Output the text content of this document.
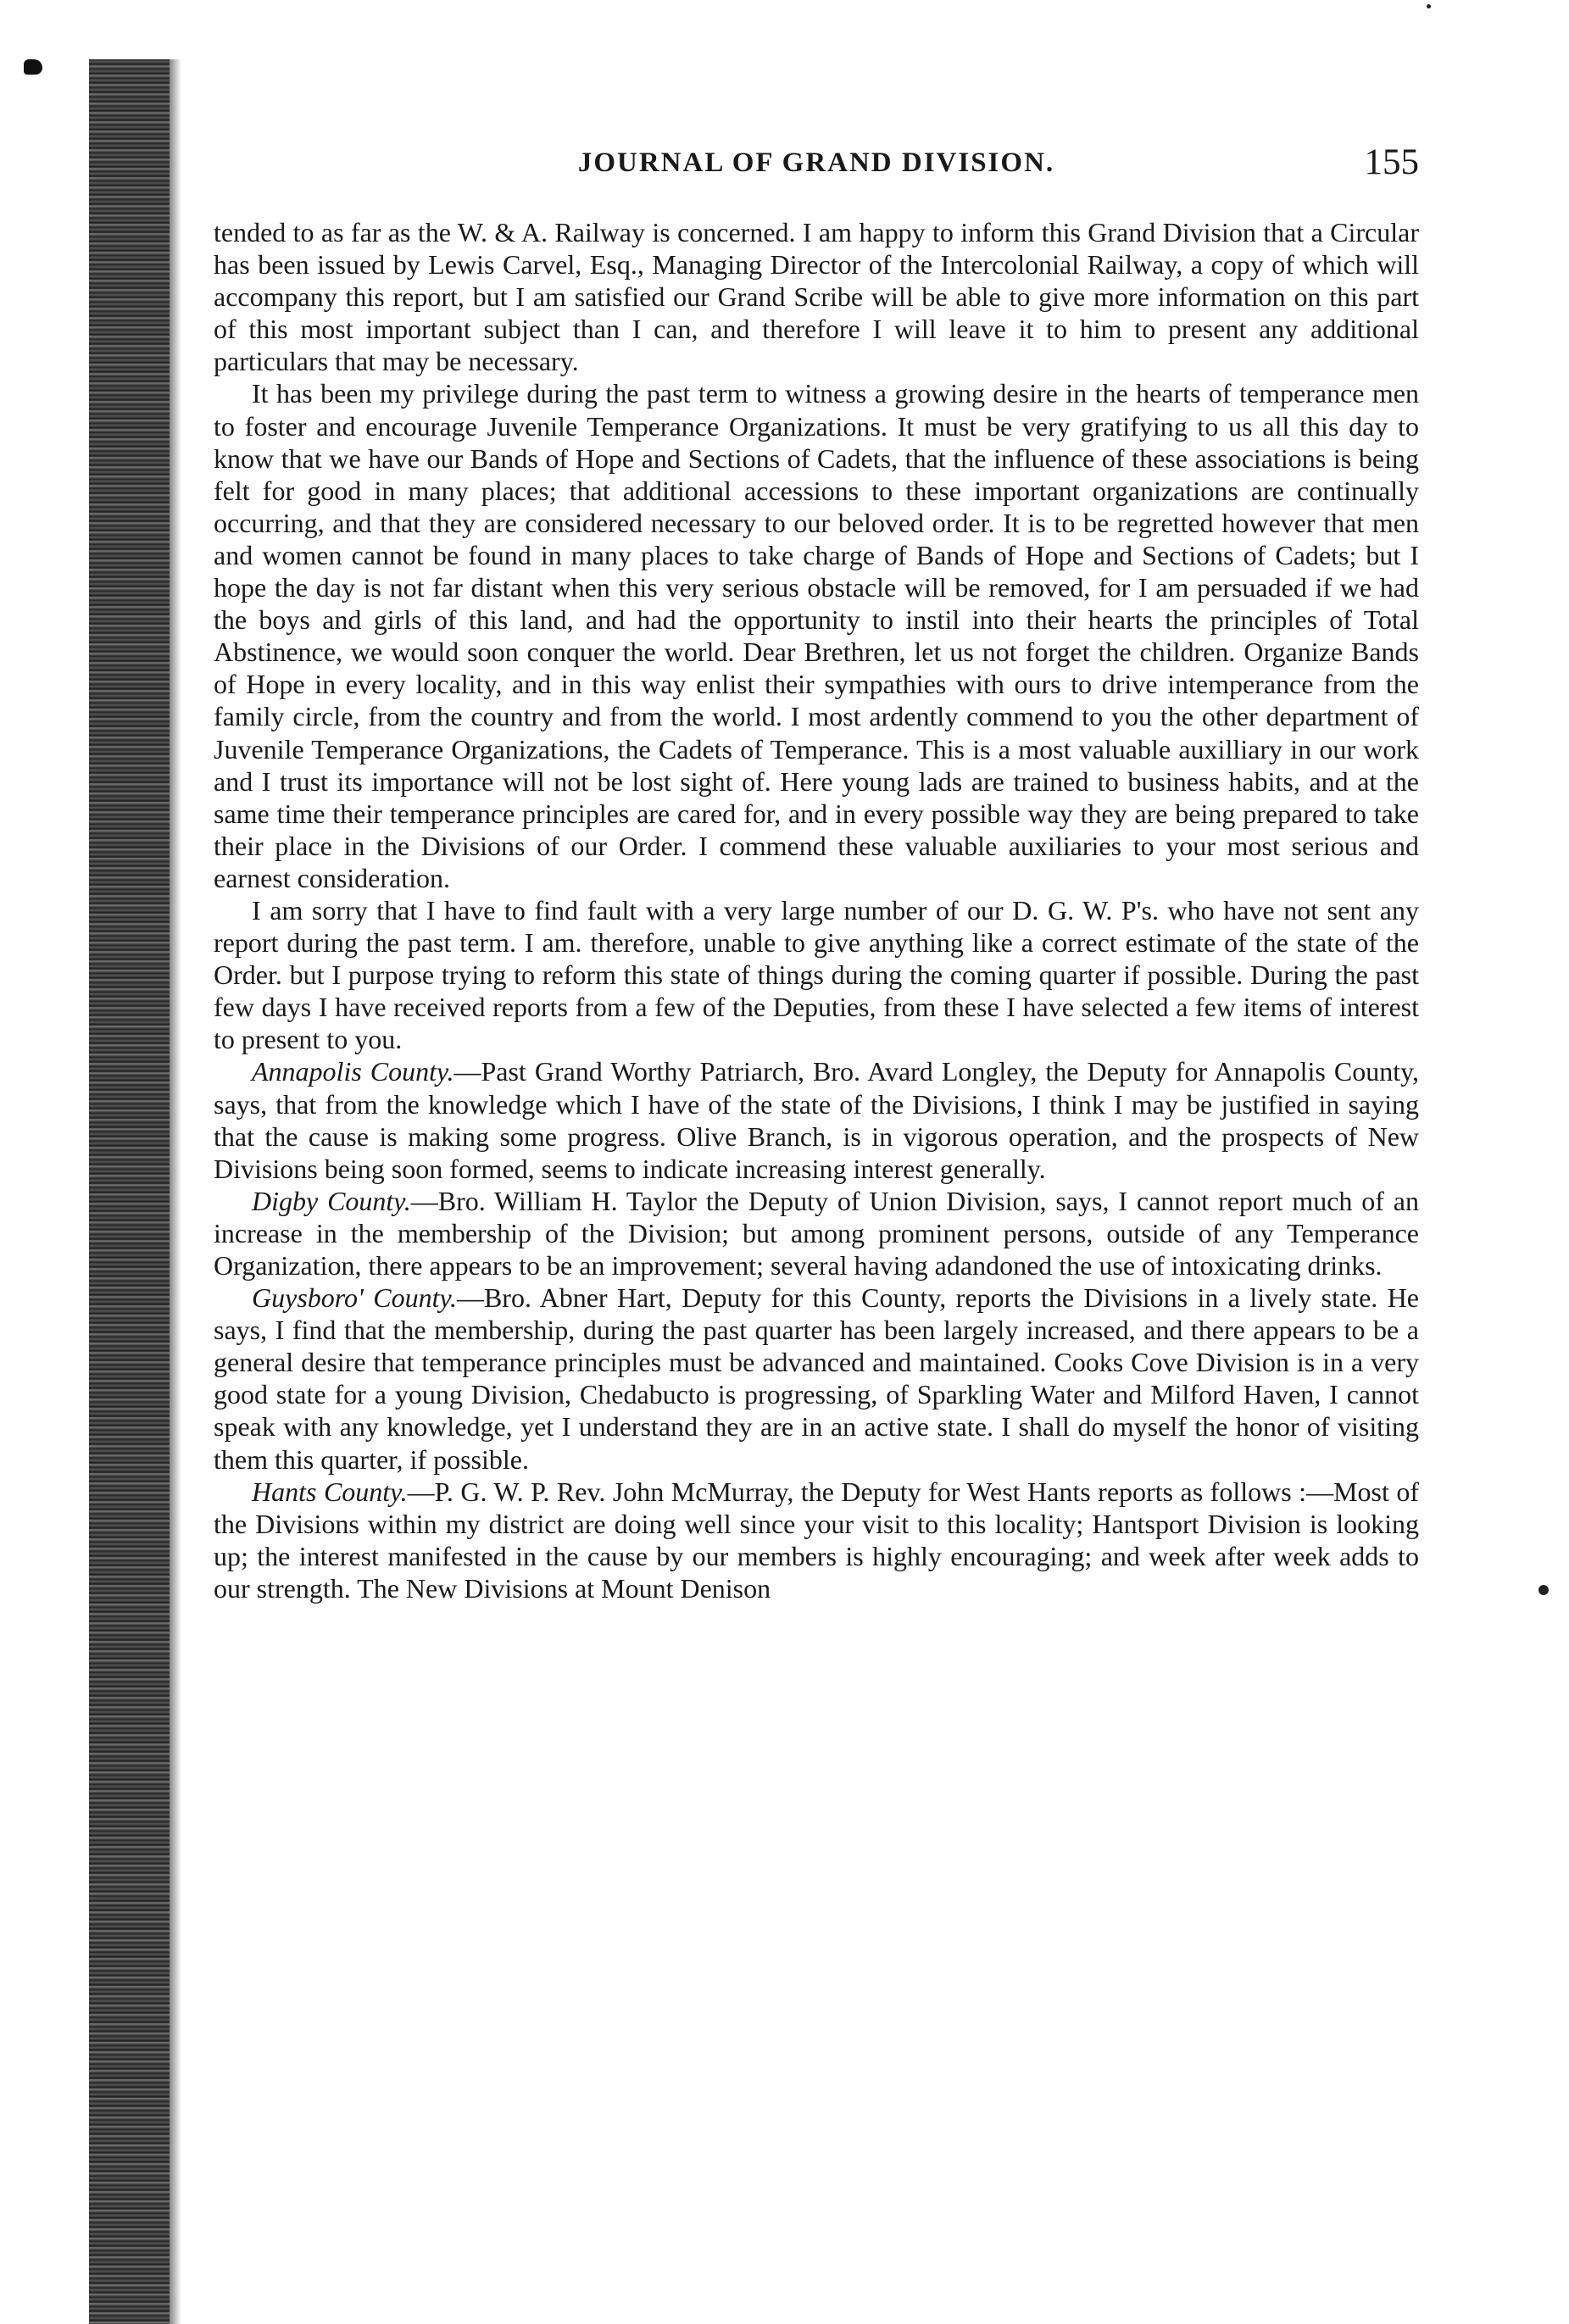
JOURNAL OF GRAND DIVISION.	155

tended to as far as the W. & A. Railway is concerned. I am happy to inform this Grand Division that a Circular has been issued by Lewis Carvel, Esq., Managing Director of the Intercolonial Railway, a copy of which will accompany this report, but I am satisfied our Grand Scribe will be able to give more information on this part of this most important subject than I can, and therefore I will leave it to him to present any additional particulars that may be necessary.

It has been my privilege during the past term to witness a growing desire in the hearts of temperance men to foster and encourage Juvenile Temperance Organizations. It must be very gratifying to us all this day to know that we have our Bands of Hope and Sections of Cadets, that the influence of these associations is being felt for good in many places; that additional accessions to these important organizations are continually occurring, and that they are considered necessary to our beloved order. It is to be regretted however that men and women cannot be found in many places to take charge of Bands of Hope and Sections of Cadets; but I hope the day is not far distant when this very serious obstacle will be removed, for I am persuaded if we had the boys and girls of this land, and had the opportunity to instil into their hearts the principles of Total Abstinence, we would soon conquer the world. Dear Brethren, let us not forget the children. Organize Bands of Hope in every locality, and in this way enlist their sympathies with ours to drive intemperance from the family circle, from the country and from the world. I most ardently commend to you the other department of Juvenile Temperance Organizations, the Cadets of Temperance. This is a most valuable auxilliary in our work and I trust its importance will not be lost sight of. Here young lads are trained to business habits, and at the same time their temperance principles are cared for, and in every possible way they are being prepared to take their place in the Divisions of our Order. I commend these valuable auxiliaries to your most serious and earnest consideration.

I am sorry that I have to find fault with a very large number of our D. G. W. P's. who have not sent any report during the past term. I am. therefore, unable to give anything like a correct estimate of the state of the Order. but I purpose trying to reform this state of things during the coming quarter if possible. During the past few days I have received reports from a few of the Deputies, from these I have selected a few items of interest to present to you.

Annapolis County.—Past Grand Worthy Patriarch, Bro. Avard Longley, the Deputy for Annapolis County, says, that from the knowledge which I have of the state of the Divisions, I think I may be justified in saying that the cause is making some progress. Olive Branch, is in vigorous operation, and the prospects of New Divisions being soon formed, seems to indicate increasing interest generally.

Digby County.—Bro. William H. Taylor the Deputy of Union Division, says, I cannot report much of an increase in the membership of the Division; but among prominent persons, outside of any Temperance Organization, there appears to be an improvement; several having adandoned the use of intoxicating drinks.

Guysboro' County.—Bro. Abner Hart, Deputy for this County, reports the Divisions in a lively state. He says, I find that the membership, during the past quarter has been largely increased, and there appears to be a general desire that temperance principles must be advanced and maintained. Cooks Cove Division is in a very good state for a young Division, Chedabucto is progressing, of Sparkling Water and Milford Haven, I cannot speak with any knowledge, yet I understand they are in an active state. I shall do myself the honor of visiting them this quarter, if possible.

Hants County.—P. G. W. P. Rev. John McMurray, the Deputy for West Hants reports as follows :—Most of the Divisions within my district are doing well since your visit to this locality; Hantsport Division is looking up; the interest manifested in the cause by our members is highly encouraging; and week after week adds to our strength. The New Divisions at Mount Denison
